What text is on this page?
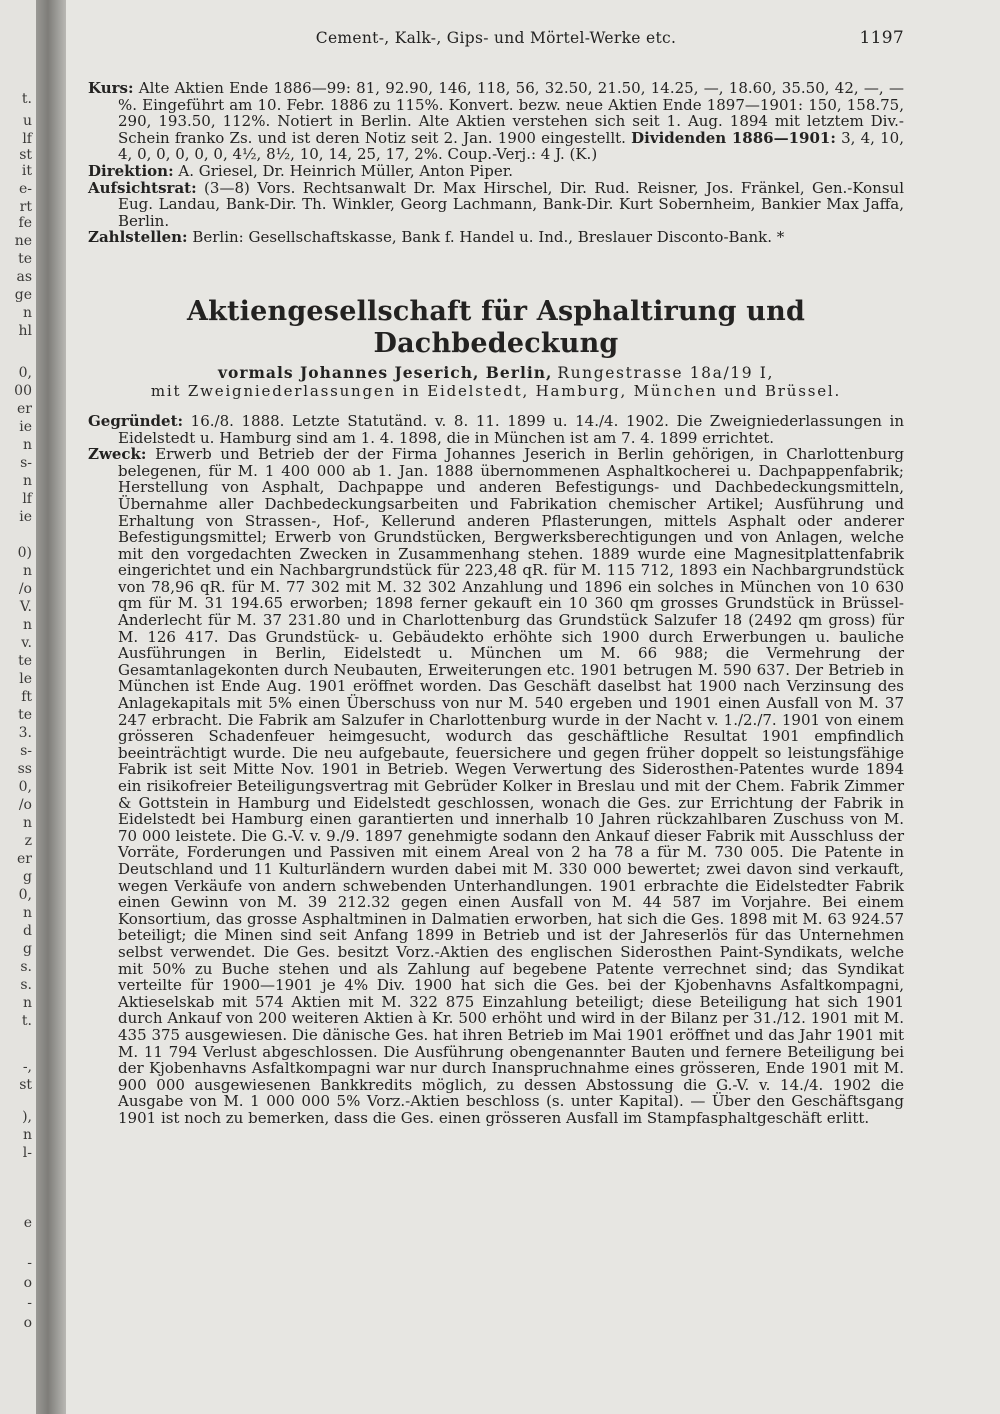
t.
u
lf
st
it
e-
rt
fe
ne
te
as
ge
n
hl
0,
00
er
ie
n
s-
n
lf
ie
0)
n
/o
V.
n
v.
te
le
ft
te
3.
s-
ss
0,
/o
n
z
er
g
0,
n
d
g
s.
s.
n
t.
-,
st
),
n
l-
e
-
o
-
o
Cement-, Kalk-, Gips- und Mörtel-Werke etc.	1197

Kurs: Alte Aktien Ende 1886—99: 81, 92.90, 146, 118, 56, 32.50, 21.50, 14.25, —, 18.60, 35.50, 42, —, —%. Eingeführt am 10. Febr. 1886 zu 115%. Konvert. bezw. neue Aktien Ende 1897—1901: 150, 158.75, 290, 193.50, 112%. Notiert in Berlin. Alte Aktien verstehen sich seit 1. Aug. 1894 mit letztem Div.-Schein franko Zs. und ist deren Notiz seit 2. Jan. 1900 eingestellt. Dividenden 1886—1901: 3, 4, 10, 4, 0, 0, 0, 0, 0, 4½, 8½, 10, 14, 25, 17, 2%. Coup.-Verj.: 4 J. (K.)

Direktion: A. Griesel, Dr. Heinrich Müller, Anton Piper.

Aufsichtsrat: (3—8) Vors. Rechtsanwalt Dr. Max Hirschel, Dir. Rud. Reisner, Jos. Fränkel, Gen.-Konsul Eug. Landau, Bank-Dir. Th. Winkler, Georg Lachmann, Bank-Dir. Kurt Sobernheim, Bankier Max Jaffa, Berlin.

Zahlstellen: Berlin: Gesellschaftskasse, Bank f. Handel u. Ind., Breslauer Disconto-Bank. *

Aktiengesellschaft für Asphaltirung und Dachbedeckung

vormals Johannes Jeserich, Berlin, Rungestrasse 18a/19 I,

mit Zweigniederlassungen in Eidelstedt, Hamburg, München und Brüssel.

Gegründet: 16./8. 1888. Letzte Statutänd. v. 8. 11. 1899 u. 14./4. 1902. Die Zweigniederlassungen in Eidelstedt u. Hamburg sind am 1. 4. 1898, die in München ist am 7. 4. 1899 errichtet.

Zweck: Erwerb und Betrieb der der Firma Johannes Jeserich in Berlin gehörigen, in Charlottenburg belegenen, für M. 1 400 000 ab 1. Jan. 1888 übernommenen Asphaltkocherei u. Dachpappenfabrik; Herstellung von Asphalt, Dachpappe und anderen Befestigungs- und Dachbedeckungsmitteln, Übernahme aller Dachbedeckungsarbeiten und Fabrikation chemischer Artikel; Ausführung und Erhaltung von Strassen-, Hof-, Kellerund anderen Pflasterungen, mittels Asphalt oder anderer Befestigungsmittel; Erwerb von Grundstücken, Bergwerksberechtigungen und von Anlagen, welche mit den vorgedachten Zwecken in Zusammenhang stehen. 1889 wurde eine Magnesitplattenfabrik eingerichtet und ein Nachbargrundstück für 223,48 qR. für M. 115 712, 1893 ein Nachbargrundstück von 78,96 qR. für M. 77 302 mit M. 32 302 Anzahlung und 1896 ein solches in München von 10 630 qm für M. 31 194.65 erworben; 1898 ferner gekauft ein 10 360 qm grosses Grundstück in Brüssel-Anderlecht für M. 37 231.80 und in Charlottenburg das Grundstück Salzufer 18 (2492 qm gross) für M. 126 417. Das Grundstück- u. Gebäudekto erhöhte sich 1900 durch Erwerbungen u. bauliche Ausführungen in Berlin, Eidelstedt u. München um M. 66 988; die Vermehrung der Gesamtanlagekonten durch Neubauten, Erweiterungen etc. 1901 betrugen M. 590 637. Der Betrieb in München ist Ende Aug. 1901 eröffnet worden. Das Geschäft daselbst hat 1900 nach Verzinsung des Anlagekapitals mit 5% einen Überschuss von nur M. 540 ergeben und 1901 einen Ausfall von M. 37 247 erbracht. Die Fabrik am Salzufer in Charlottenburg wurde in der Nacht v. 1./2./7. 1901 von einem grösseren Schadenfeuer heimgesucht, wodurch das geschäftliche Resultat 1901 empfindlich beeinträchtigt wurde. Die neu aufgebaute, feuersichere und gegen früher doppelt so leistungsfähige Fabrik ist seit Mitte Nov. 1901 in Betrieb. Wegen Verwertung des Siderosthen-Patentes wurde 1894 ein risikofreier Beteiligungsvertrag mit Gebrüder Kolker in Breslau und mit der Chem. Fabrik Zimmer & Gottstein in Hamburg und Eidelstedt geschlossen, wonach die Ges. zur Errichtung der Fabrik in Eidelstedt bei Hamburg einen garantierten und innerhalb 10 Jahren rückzahlbaren Zuschuss von M. 70 000 leistete. Die G.-V. v. 9./9. 1897 genehmigte sodann den Ankauf dieser Fabrik mit Ausschluss der Vorräte, Forderungen und Passiven mit einem Areal von 2 ha 78 a für M. 730 005. Die Patente in Deutschland und 11 Kulturländern wurden dabei mit M. 330 000 bewertet; zwei davon sind verkauft, wegen Verkäufe von andern schwebenden Unterhandlungen. 1901 erbrachte die Eidelstedter Fabrik einen Gewinn von M. 39 212.32 gegen einen Ausfall von M. 44 587 im Vorjahre. Bei einem Konsortium, das grosse Asphaltminen in Dalmatien erworben, hat sich die Ges. 1898 mit M. 63 924.57 beteiligt; die Minen sind seit Anfang 1899 in Betrieb und ist der Jahreserlös für das Unternehmen selbst verwendet. Die Ges. besitzt Vorz.-Aktien des englischen Siderosthen Paint-Syndikats, welche mit 50% zu Buche stehen und als Zahlung auf begebene Patente verrechnet sind; das Syndikat verteilte für 1900—1901 je 4% Div. 1900 hat sich die Ges. bei der Kjobenhavns Asfaltkompagni, Aktieselskab mit 574 Aktien mit M. 322 875 Einzahlung beteiligt; diese Beteiligung hat sich 1901 durch Ankauf von 200 weiteren Aktien à Kr. 500 erhöht und wird in der Bilanz per 31./12. 1901 mit M. 435 375 ausgewiesen. Die dänische Ges. hat ihren Betrieb im Mai 1901 eröffnet und das Jahr 1901 mit M. 11 794 Verlust abgeschlossen. Die Ausführung obengenannter Bauten und fernere Beteiligung bei der Kjobenhavns Asfaltkompagni war nur durch Inanspruchnahme eines grösseren, Ende 1901 mit M. 900 000 ausgewiesenen Bankkredits möglich, zu dessen Abstossung die G.-V. v. 14./4. 1902 die Ausgabe von M. 1 000 000 5% Vorz.-Aktien beschloss (s. unter Kapital). — Über den Geschäftsgang 1901 ist noch zu bemerken, dass die Ges. einen grösseren Ausfall im Stampfasphaltgeschäft erlitt.
